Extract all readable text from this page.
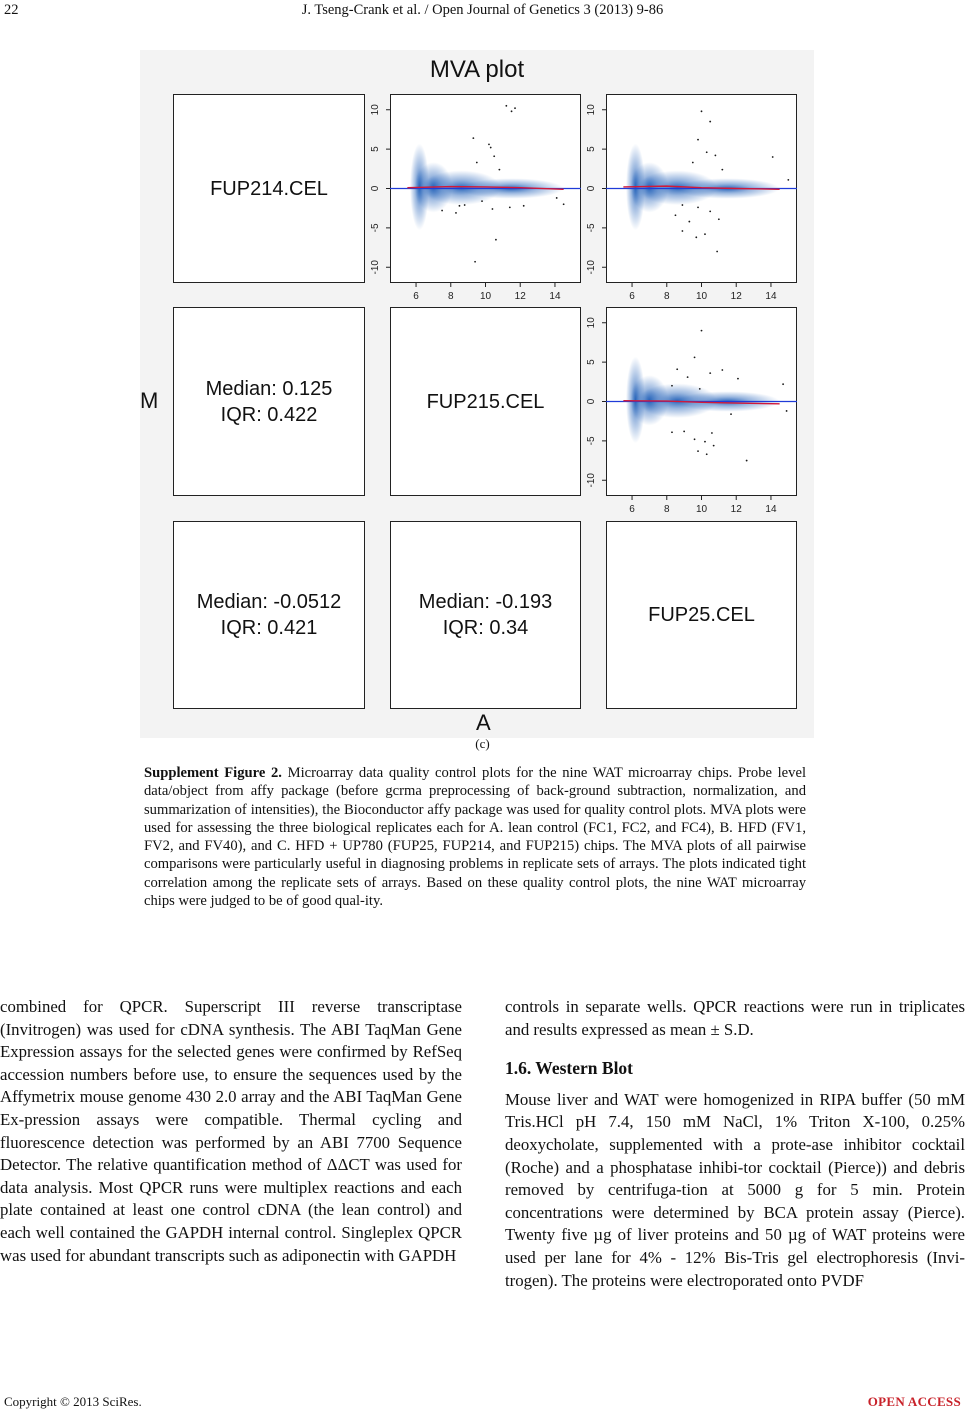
22	J. Tseng-Crank et al. / Open Journal of Genetics 3 (2013) 9-86
MVA plot
M
A
FUP214.CEL
Median: 0.125
IQR: 0.422
FUP215.CEL
Median: -0.0512
IQR: 0.421
Median: -0.193
IQR: 0.34
FUP25.CEL
-10
-5
0
5
10
6	8	10 12 14
-10
-5
0
5
10
6	8	10 12 14
-10
-5
0
5
10
6	8	10 12 14
(c)
Supplement Figure 2. Microarray data quality control plots for the nine WAT microarray chips. Probe level data/object from affy package (before gcrma preprocessing of back-ground subtraction, normalization, and summarization of intensities), the Bioconductor affy package was used for quality control plots. MVA plots were used for assessing the three biological replicates each for A. lean control (FC1, FC2, and FC4), B. HFD (FV1, FV2, and FV40), and C. HFD + UP780 (FUP25, FUP214, and FUP215) chips. The MVA plots of all pairwise comparisons were particularly useful in diagnosing problems in replicate sets of arrays. The plots indicated tight correlation among the replicate sets of arrays. Based on these quality control plots, the nine WAT microarray chips were judged to be of good qual-ity.

combined for QPCR. Superscript III reverse transcriptase (Invitrogen) was used for cDNA synthesis. The ABI TaqMan Gene Expression assays for the selected genes were confirmed by RefSeq accession numbers before use, to ensure the sequences used by the Affymetrix mouse genome 430 2.0 array and the ABI TaqMan Gene Ex-pression assays were compatible. Thermal cycling and fluorescence detection was performed by an ABI 7700 Sequence Detector. The relative quantification method of ΔΔCT was used for data analysis. Most QPCR runs were multiplex reactions and each plate contained at least one control cDNA (the lean control) and each well contained the GAPDH internal control. Singleplex QPCR was used for abundant transcripts such as adiponectin with GAPDH

controls in separate wells. QPCR reactions were run in triplicates and results expressed as mean ± S.D.

1.6. Western Blot

Mouse liver and WAT were homogenized in RIPA buffer (50 mM Tris.HCl pH 7.4, 150 mM NaCl, 1% Triton X-100, 0.25% deoxycholate, supplemented with a prote-ase inhibitor cocktail (Roche) and a phosphatase inhibi-tor cocktail (Pierce)) and debris removed by centrifuga-tion at 5000 g for 5 min. Protein concentrations were determined by BCA protein assay (Pierce). Twenty five µg of liver proteins and 50 µg of WAT proteins were used per lane for 4% - 12% Bis-Tris gel electrophoresis (Invi-trogen). The proteins were electroporated onto PVDF

Copyright © 2013 SciRes.	OPEN ACCESS
